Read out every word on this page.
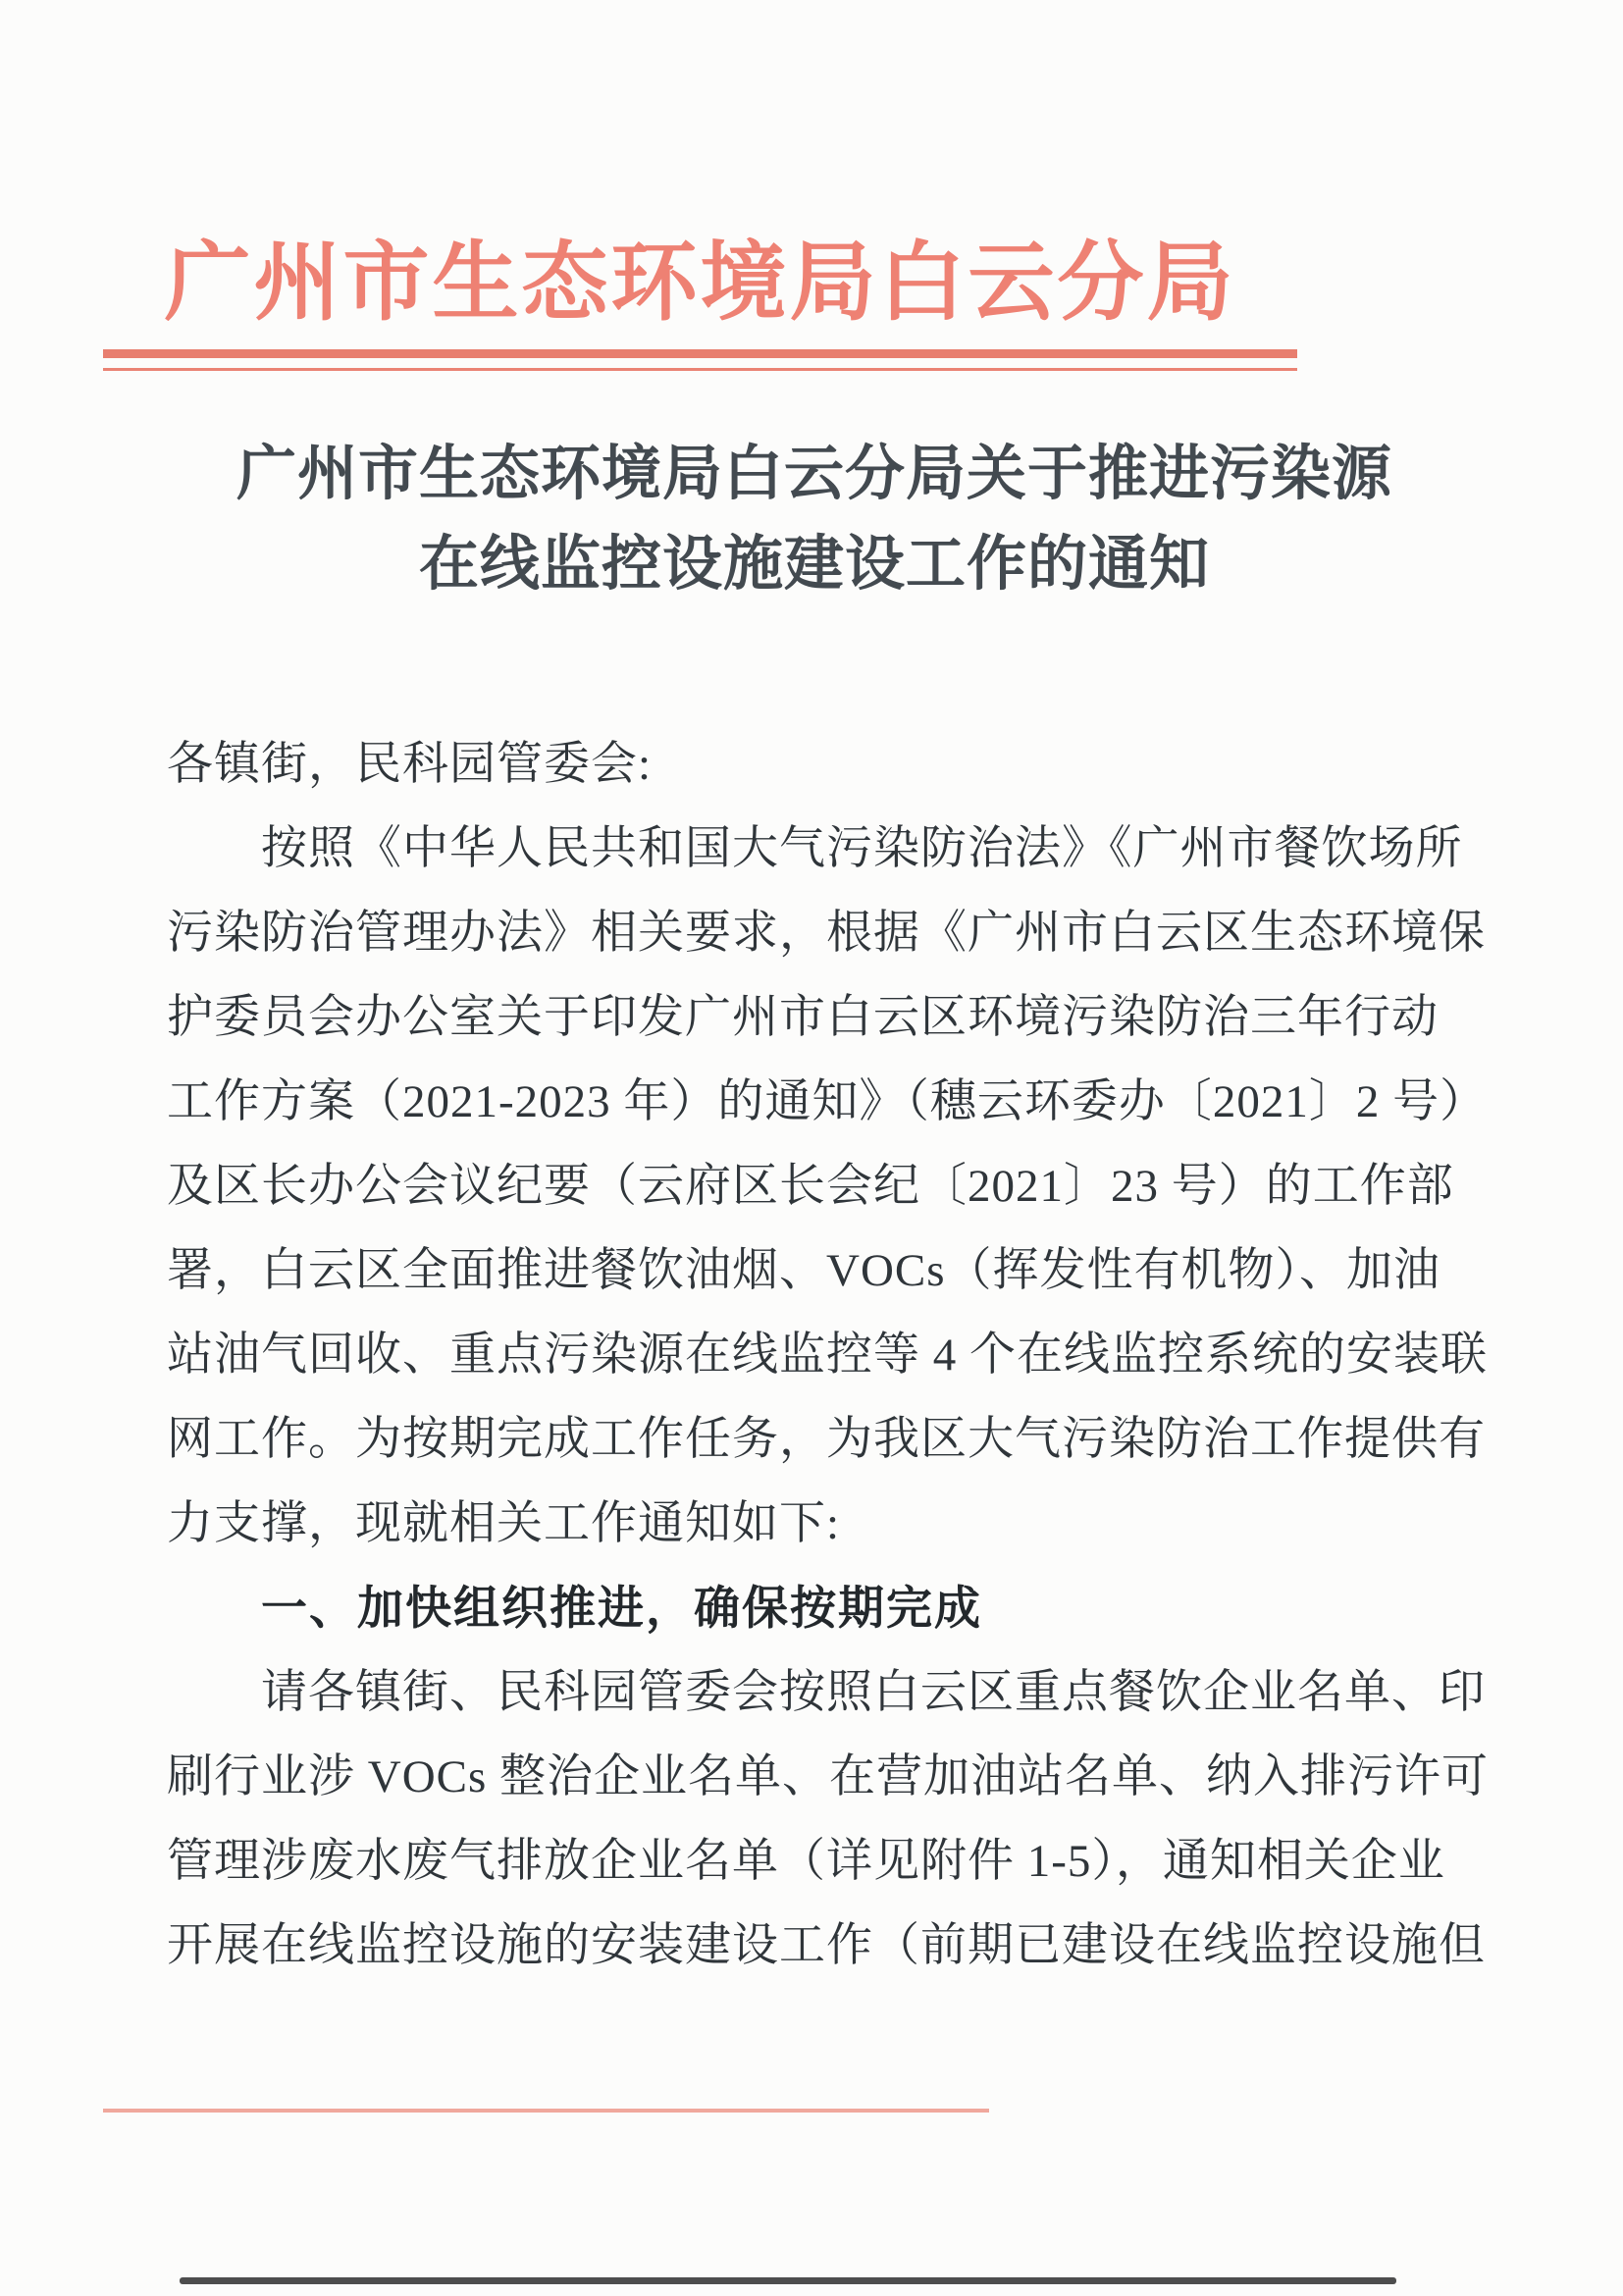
广州市生态环境局白云分局
广州市生态环境局白云分局关于推进污染源
在线监控设施建设工作的通知
各镇街，民科园管委会:
按照《中华人民共和国大气污染防治法》《广州市餐饮场所
污染防治管理办法》相关要求，根据《广州市白云区生态环境保
护委员会办公室关于印发广州市白云区环境污染防治三年行动
工作方案（2021-2023 年）的通知》（穗云环委办〔2021〕2 号）
及区长办公会议纪要（云府区长会纪〔2021〕23 号）的工作部
署，白云区全面推进餐饮油烟、VOCs（挥发性有机物）、加油
站油气回收、重点污染源在线监控等 4 个在线监控系统的安装联
网工作。为按期完成工作任务，为我区大气污染防治工作提供有
力支撑，现就相关工作通知如下:
一、加快组织推进，确保按期完成
请各镇街、民科园管委会按照白云区重点餐饮企业名单、印
刷行业涉 VOCs 整治企业名单、在营加油站名单、纳入排污许可
管理涉废水废气排放企业名单（详见附件 1-5），通知相关企业
开展在线监控设施的安装建设工作（前期已建设在线监控设施但
